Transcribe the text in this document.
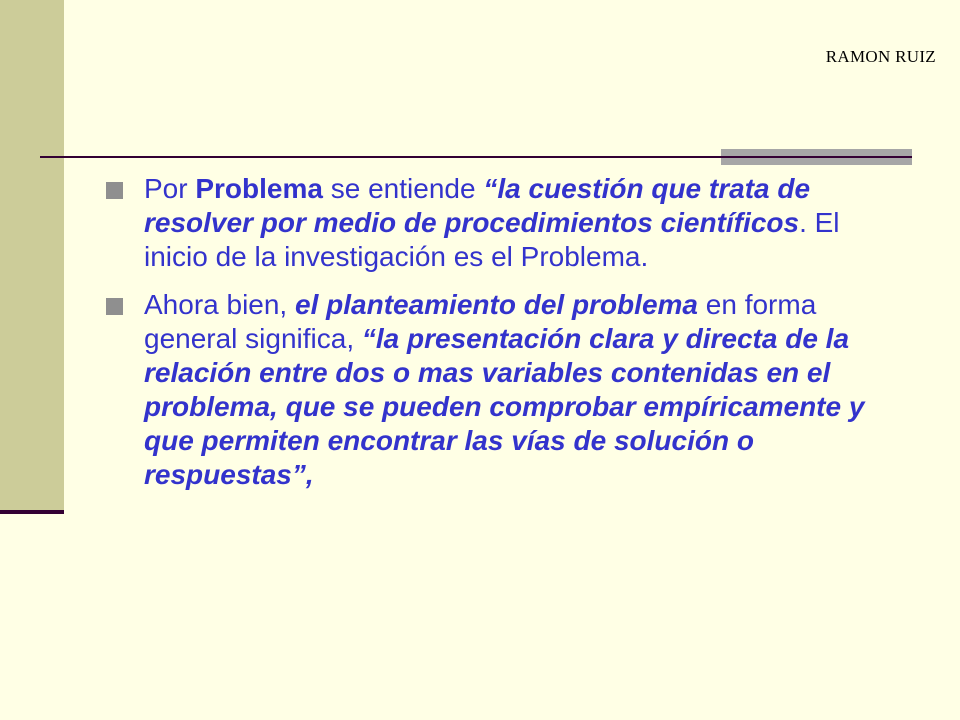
RAMON RUIZ

Por Problema se entiende “la cuestión que trata de resolver por medio de procedimientos científicos. El inicio de la investigación es el Problema.

Ahora bien, el planteamiento del problema en forma general significa, “la presentación clara y directa de la relación entre dos o mas variables contenidas en el problema, que se pueden comprobar empíricamente y que permiten encontrar las vías de solución o respuestas”,
